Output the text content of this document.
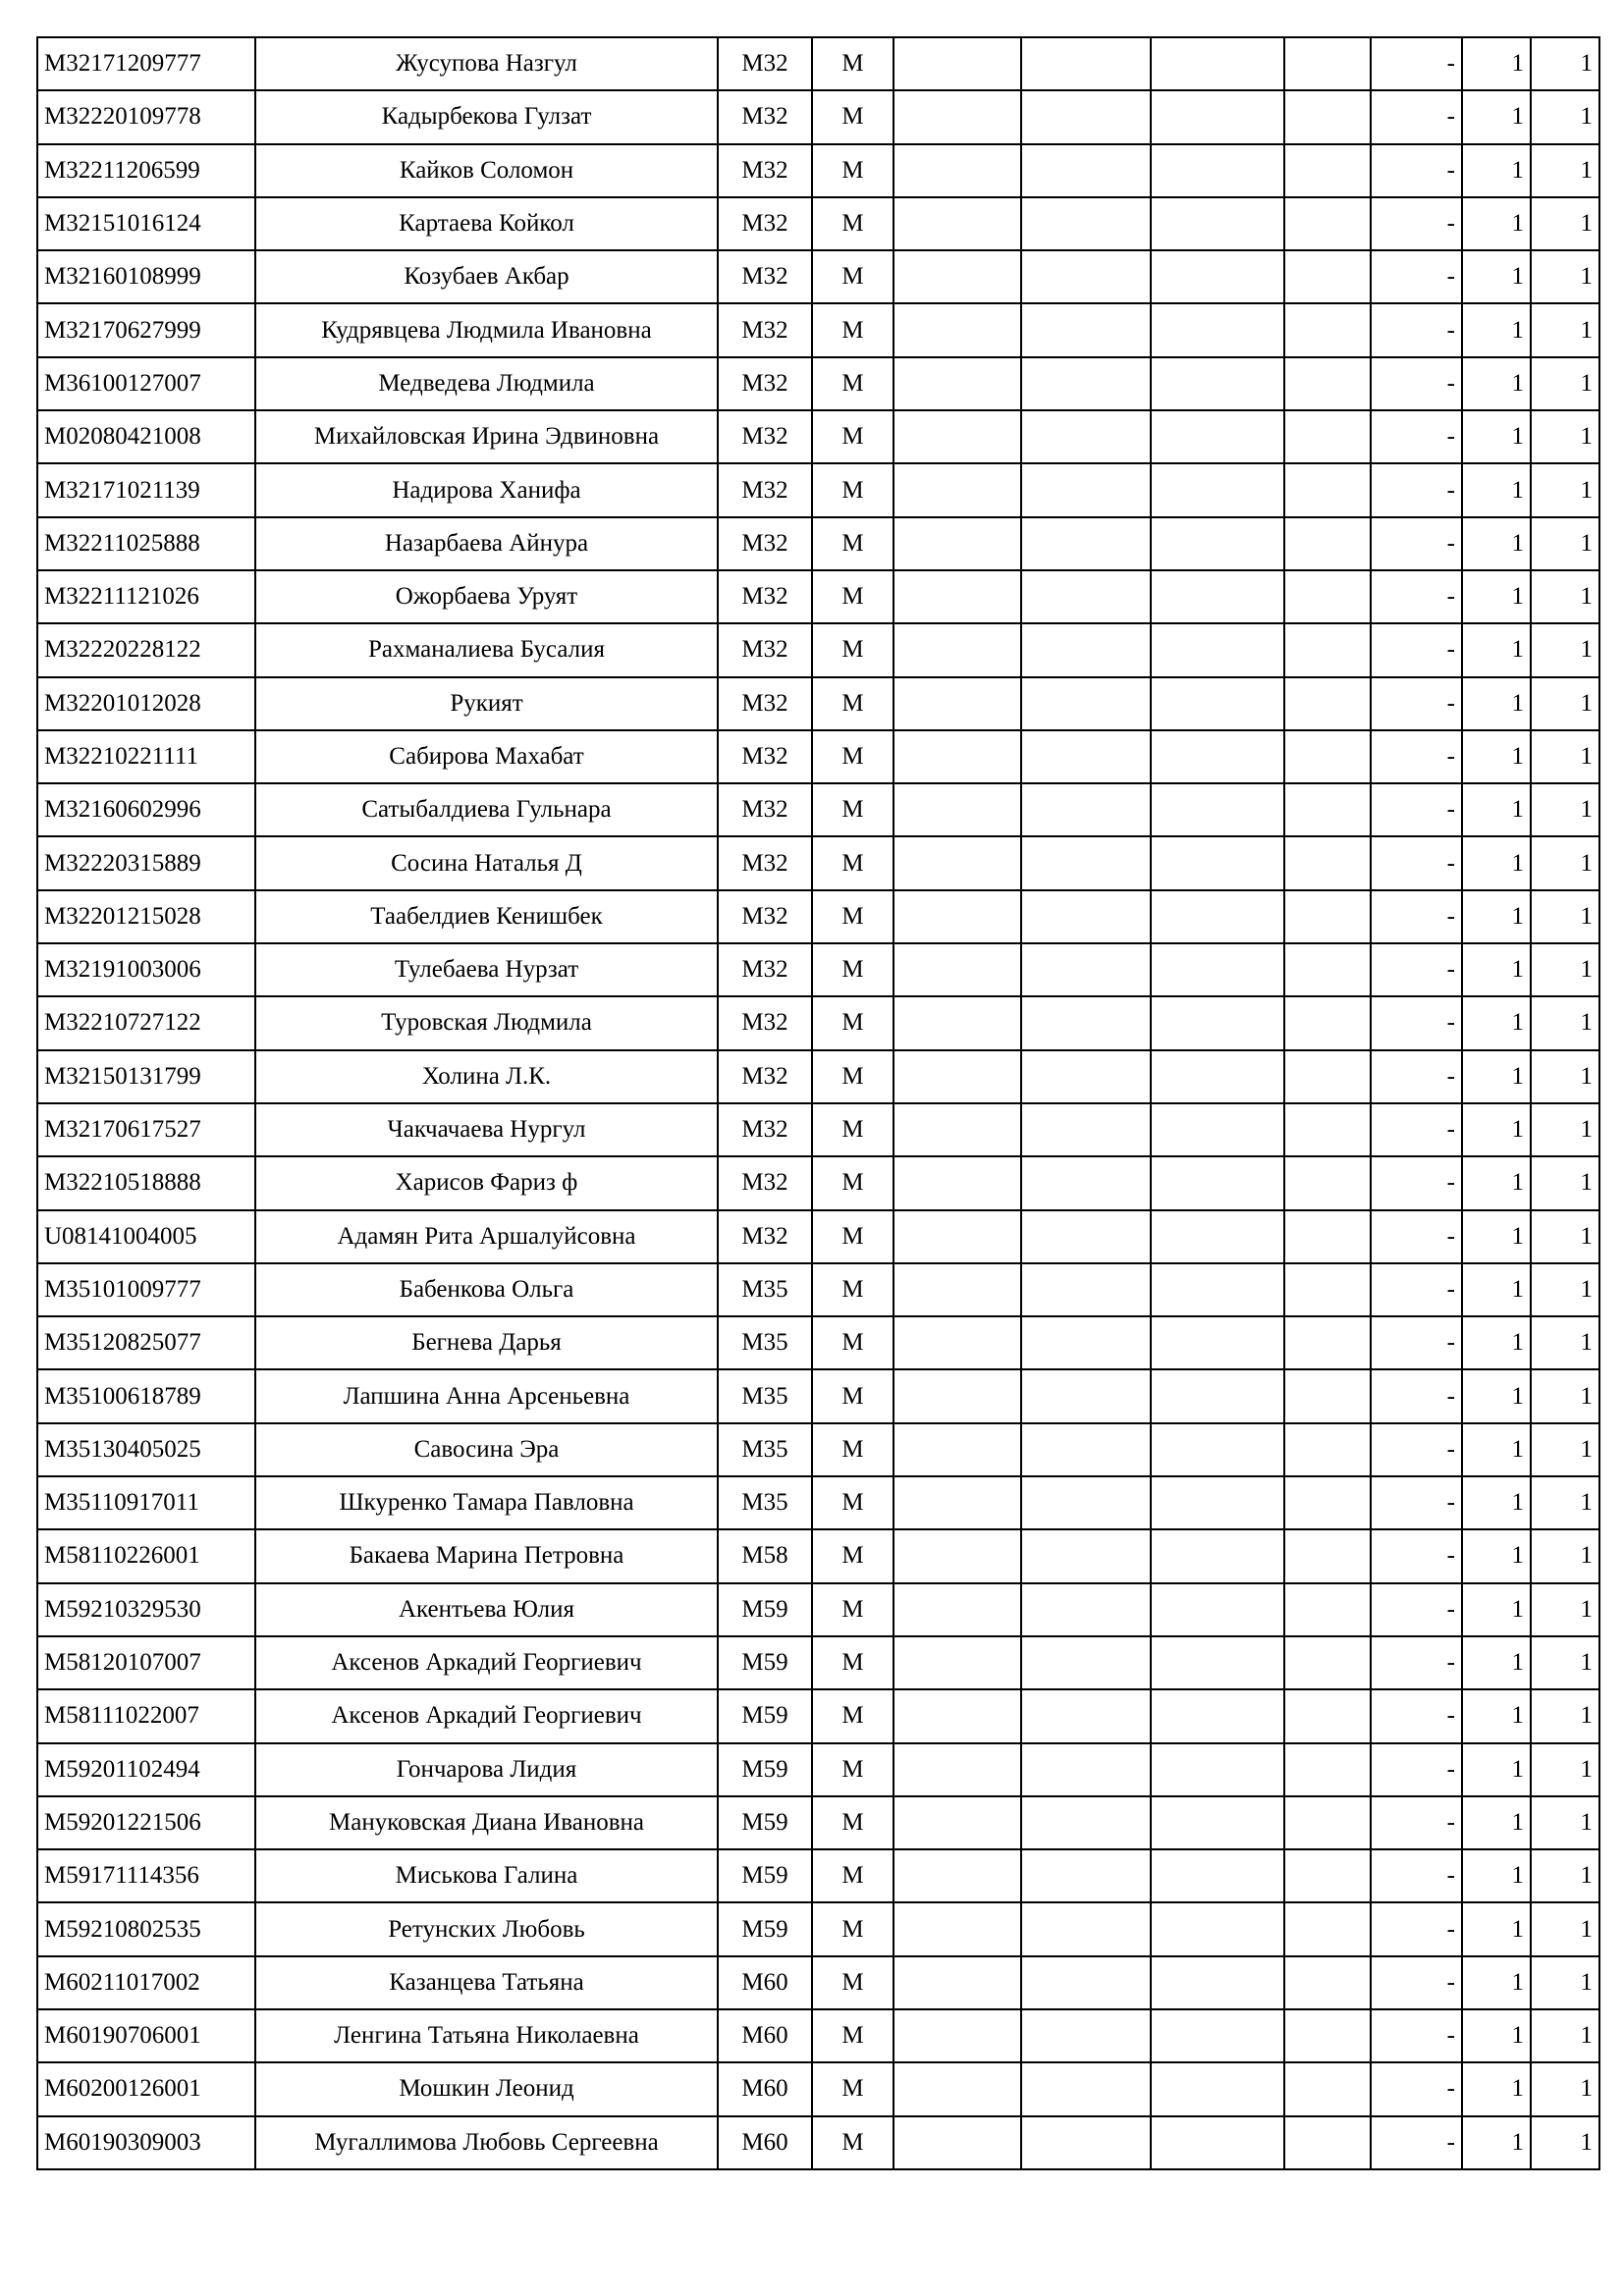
M32171209777	Жусупова Назгул	M32	M					-	1	1
M32220109778	Кадырбекова Гулзат	M32	M					-	1	1
M32211206599	Кайков Соломон	M32	M					-	1	1
M32151016124	Картаева Койкол	M32	M					-	1	1
M32160108999	Козубаев Акбар	M32	M					-	1	1
M32170627999	Кудрявцева Людмила Ивановна	M32	M					-	1	1
M36100127007	Медведева Людмила	M32	M					-	1	1
M02080421008	Михайловская Ирина Эдвиновна	M32	M					-	1	1
M32171021139	Надирова Ханифа	M32	M					-	1	1
M32211025888	Назарбаева Айнура	M32	M					-	1	1
M32211121026	Ожорбаева Уруят	M32	M					-	1	1
M32220228122	Рахманалиева Бусалия	M32	M					-	1	1
M32201012028	Рукият	M32	M					-	1	1
M32210221111	Сабирова Махабат	M32	M					-	1	1
M32160602996	Сатыбалдиева Гульнара	M32	M					-	1	1
M32220315889	Сосина Наталья Д	M32	M					-	1	1
M32201215028	Таабелдиев Кенишбек	M32	M					-	1	1
M32191003006	Тулебаева Нурзат	M32	M					-	1	1
M32210727122	Туровская Людмила	M32	M					-	1	1
M32150131799	Холина Л.К.	M32	M					-	1	1
M32170617527	Чакчачаева Нургул	M32	M					-	1	1
M32210518888	Харисов Фариз ф	M32	M					-	1	1
U08141004005	Адамян Рита Аршалуйсовна	M32	M					-	1	1
M35101009777	Бабенкова Ольга	M35	M					-	1	1
M35120825077	Бегнева Дарья	M35	M					-	1	1
M35100618789	Лапшина Анна Арсеньевна	M35	M					-	1	1
M35130405025	Савосина Эра	M35	M					-	1	1
M35110917011	Шкуренко Тамара Павловна	M35	M					-	1	1
M58110226001	Бакаева Марина Петровна	M58	M					-	1	1
M59210329530	Акентьева Юлия	M59	M					-	1	1
M58120107007	Аксенов Аркадий Георгиевич	M59	M					-	1	1
M58111022007	Аксенов Аркадий Георгиевич	M59	M					-	1	1
M59201102494	Гончарова Лидия	M59	M					-	1	1
M59201221506	Мануковская Диана Ивановна	M59	M					-	1	1
M59171114356	Миськова Галина	M59	M					-	1	1
M59210802535	Ретунских Любовь	M59	M					-	1	1
M60211017002	Казанцева Татьяна	M60	M					-	1	1
M60190706001	Ленгина Татьяна Николаевна	M60	M					-	1	1
M60200126001	Мошкин Леонид	M60	M					-	1	1
M60190309003	Мугаллимова Любовь Сергеевна	M60	M					-	1	1
